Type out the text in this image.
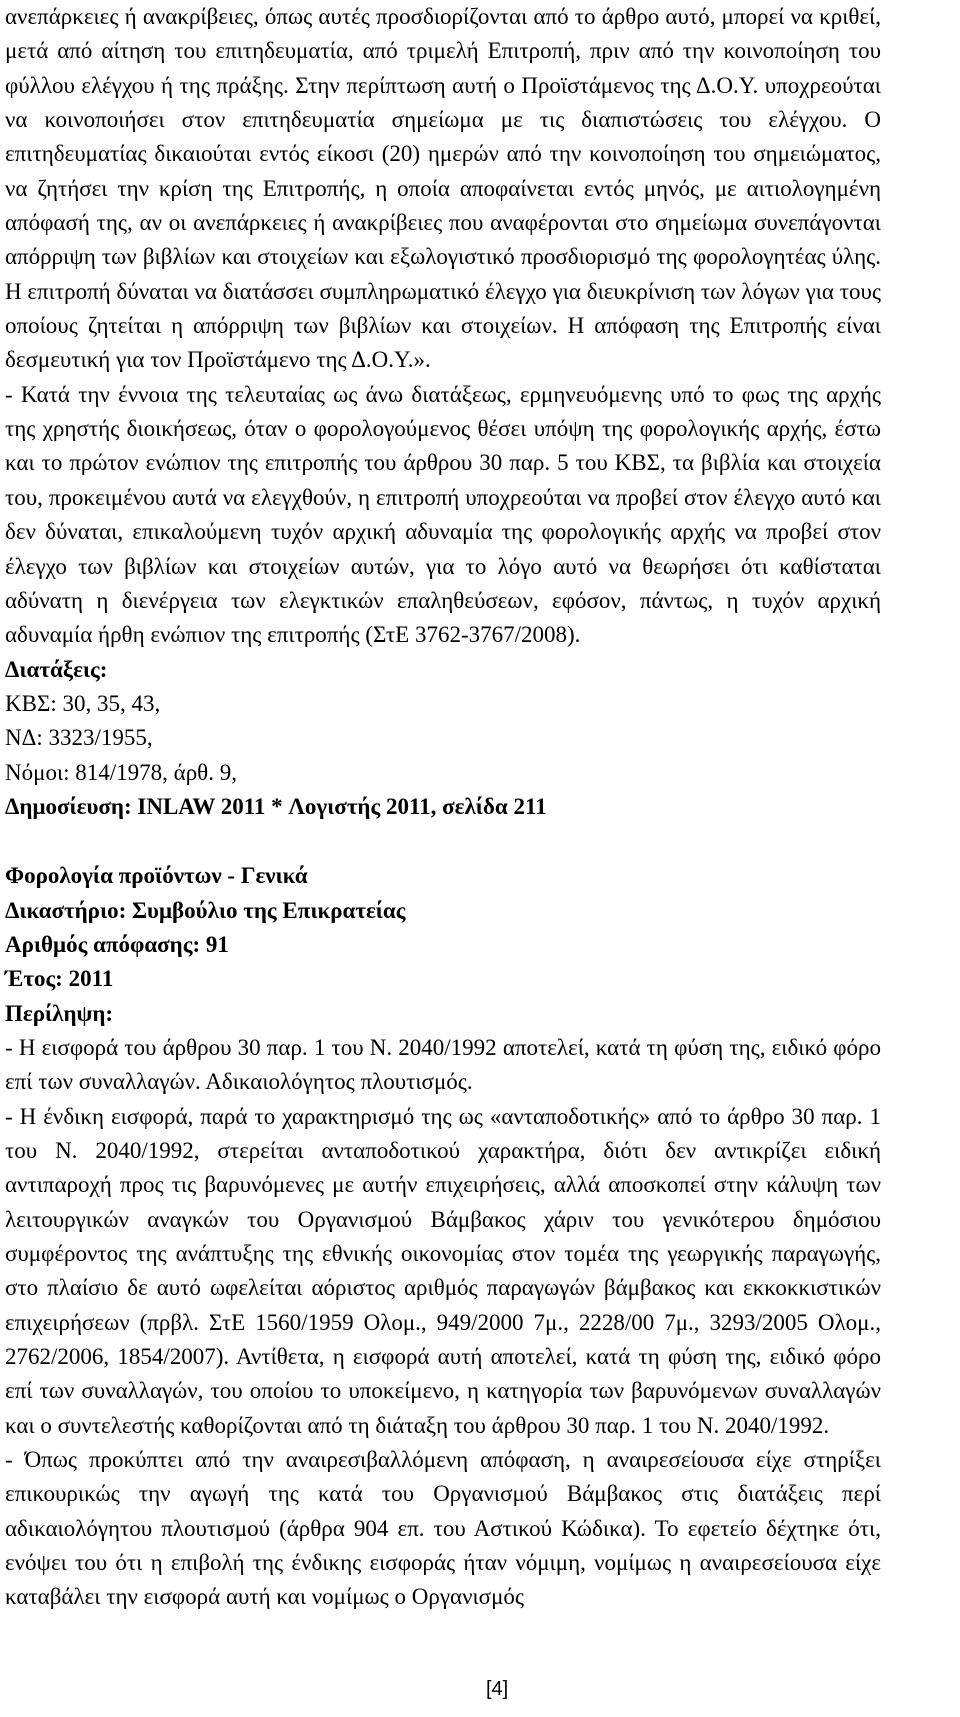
ανεπάρκειες ή ανακρίβειες, όπως αυτές προσδιορίζονται από το άρθρο αυτό, μπορεί να κριθεί, μετά από αίτηση του επιτηδευματία, από τριμελή Επιτροπή, πριν από την κοινοποίηση του φύλλου ελέγχου ή της πράξης. Στην περίπτωση αυτή ο Προϊστάμενος της Δ.Ο.Υ. υποχρεούται να κοινοποιήσει στον επιτηδευματία σημείωμα με τις διαπιστώσεις του ελέγχου. Ο επιτηδευματίας δικαιούται εντός είκοσι (20) ημερών από την κοινοποίηση του σημειώματος, να ζητήσει την κρίση της Επιτροπής, η οποία αποφαίνεται εντός μηνός, με αιτιολογημένη απόφασή της, αν οι ανεπάρκειες ή ανακρίβειες που αναφέρονται στο σημείωμα συνεπάγονται απόρριψη των βιβλίων και στοιχείων και εξωλογιστικό προσδιορισμό της φορολογητέας ύλης. Η επιτροπή δύναται να διατάσσει συμπληρωματικό έλεγχο για διευκρίνιση των λόγων για τους οποίους ζητείται η απόρριψη των βιβλίων και στοιχείων. Η απόφαση της Επιτροπής είναι δεσμευτική για τον Προϊστάμενο της Δ.Ο.Υ.».

- Κατά την έννοια της τελευταίας ως άνω διατάξεως, ερμηνευόμενης υπό το φως της αρχής της χρηστής διοικήσεως, όταν ο φορολογούμενος θέσει υπόψη της φορολογικής αρχής, έστω και το πρώτον ενώπιον της επιτροπής του άρθρου 30 παρ. 5 του ΚΒΣ, τα βιβλία και στοιχεία του, προκειμένου αυτά να ελεγχθούν, η επιτροπή υποχρεούται να προβεί στον έλεγχο αυτό και δεν δύναται, επικαλούμενη τυχόν αρχική αδυναμία της φορολογικής αρχής να προβεί στον έλεγχο των βιβλίων και στοιχείων αυτών, για το λόγο αυτό να θεωρήσει ότι καθίσταται αδύνατη η διενέργεια των ελεγκτικών επαληθεύσεων, εφόσον, πάντως, η τυχόν αρχική αδυναμία ήρθη ενώπιον της επιτροπής (ΣτΕ 3762-3767/2008).

Διατάξεις:

ΚΒΣ: 30, 35, 43,

ΝΔ: 3323/1955,

Νόμοι: 814/1978, άρθ. 9,

Δημοσίευση: INLAW 2011 * Λογιστής 2011, σελίδα 211

Φορολογία προϊόντων - Γενικά

Δικαστήριο: Συμβούλιο της Επικρατείας

Αριθμός απόφασης: 91

Έτος: 2011

Περίληψη:

- Η εισφορά του άρθρου 30 παρ. 1 του Ν. 2040/1992 αποτελεί, κατά τη φύση της, ειδικό φόρο επί των συναλλαγών. Αδικαιολόγητος πλουτισμός.

- Η ένδικη εισφορά, παρά το χαρακτηρισμό της ως «ανταποδοτικής» από το άρθρο 30 παρ. 1 του Ν. 2040/1992, στερείται ανταποδοτικού χαρακτήρα, διότι δεν αντικρίζει ειδική αντιπαροχή προς τις βαρυνόμενες με αυτήν επιχειρήσεις, αλλά αποσκοπεί στην κάλυψη των λειτουργικών αναγκών του Οργανισμού Βάμβακος χάριν του γενικότερου δημόσιου συμφέροντος της ανάπτυξης της εθνικής οικονομίας στον τομέα της γεωργικής παραγωγής, στο πλαίσιο δε αυτό ωφελείται αόριστος αριθμός παραγωγών βάμβακος και εκκοκκιστικών επιχειρήσεων (πρβλ. ΣτΕ 1560/1959 Ολομ., 949/2000 7μ., 2228/00 7μ., 3293/2005 Ολομ., 2762/2006, 1854/2007). Αντίθετα, η εισφορά αυτή αποτελεί, κατά τη φύση της, ειδικό φόρο επί των συναλλαγών, του οποίου το υποκείμενο, η κατηγορία των βαρυνόμενων συναλλαγών και ο συντελεστής καθορίζονται από τη διάταξη του άρθρου 30 παρ. 1 του Ν. 2040/1992.

- Όπως προκύπτει από την αναιρεσιβαλλόμενη απόφαση, η αναιρεσείουσα είχε στηρίξει επικουρικώς την αγωγή της κατά του Οργανισμού Βάμβακος στις διατάξεις περί αδικαιολόγητου πλουτισμού (άρθρα 904 επ. του Αστικού Κώδικα). Το εφετείο δέχτηκε ότι, ενόψει του ότι η επιβολή της ένδικης εισφοράς ήταν νόμιμη, νομίμως η αναιρεσείουσα είχε καταβάλει την εισφορά αυτή και νομίμως ο Οργανισμός

[4]
